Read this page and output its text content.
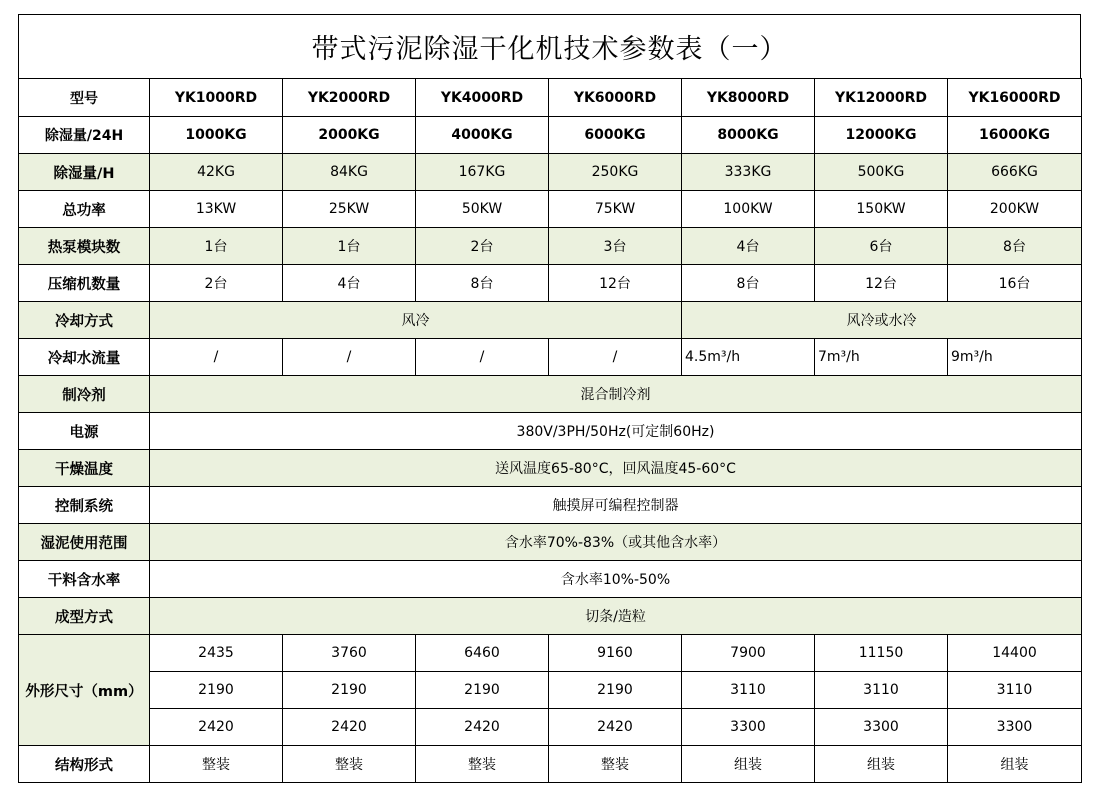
带式污泥除湿干化机技术参数表（一）
型号	YK1000RD	YK2000RD	YK4000RD	YK6000RD	YK8000RD	YK12000RD	YK16000RD
除湿量/24H	1000KG	2000KG	4000KG	6000KG	8000KG	12000KG	16000KG
除湿量/H	42KG	84KG	167KG	250KG	333KG	500KG	666KG
总功率	13KW	25KW	50KW	75KW	100KW	150KW	200KW
热泵模块数	1台	1台	2台	3台	4台	6台	8台
压缩机数量	2台	4台	8台	12台	8台	12台	16台
冷却方式	风冷				风冷或水冷		
冷却水流量	/	/	/	/	4.5m³/h	7m³/h	9m³/h
制冷剂	混合制冷剂						
电源	380V/3PH/50Hz(可定制60Hz)						
干燥温度	送风温度65-80°C，回风温度45-60°C						
控制系统	触摸屏可编程控制器						
湿泥使用范围	含水率70%-83%（或其他含水率）						
干料含水率	含水率10%-50%						
成型方式	切条/造粒						
外形尺寸（mm）	2435	3760	6460	9160	7900	11150	14400
	2190	2190	2190	2190	3110	3110	3110
	2420	2420	2420	2420	3300	3300	3300
结构形式	整装	整装	整装	整装	组装	组装	组装
